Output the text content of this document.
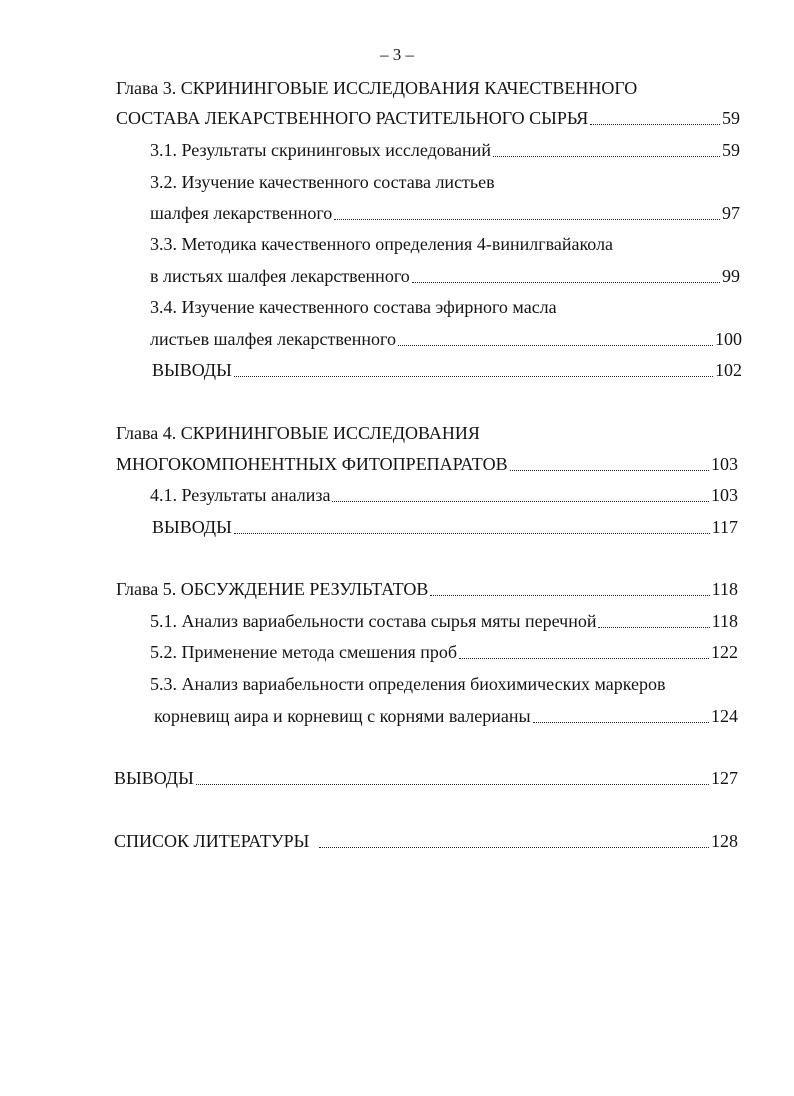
– 3 –
Глава 3. СКРИНИНГОВЫЕ ИССЛЕДОВАНИЯ КАЧЕСТВЕННОГО
СОСТАВА ЛЕКАРСТВЕННОГО РАСТИТЕЛЬНОГО СЫРЬЯ	59
3.1. Результаты скрининговых исследований	59
3.2. Изучение качественного состава листьев
шалфея лекарственного	97
3.3. Методика качественного определения 4-винилгвайакола
в листьях шалфея лекарственного	99
3.4. Изучение качественного состава эфирного масла
листьев шалфея лекарственного	100
ВЫВОДЫ	102
Глава 4. СКРИНИНГОВЫЕ ИССЛЕДОВАНИЯ
МНОГОКОМПОНЕНТНЫХ ФИТОПРЕПАРАТОВ	103
4.1. Результаты анализа	103
ВЫВОДЫ	117
Глава 5. ОБСУЖДЕНИЕ РЕЗУЛЬТАТОВ	118
5.1. Анализ вариабельности состава сырья мяты перечной	118
5.2. Применение метода смешения проб	122
5.3. Анализ вариабельности определения биохимических маркеров
корневищ аира и корневищ с корнями валерианы	124
ВЫВОДЫ	127
СПИСОК ЛИТЕРАТУРЫ	128
